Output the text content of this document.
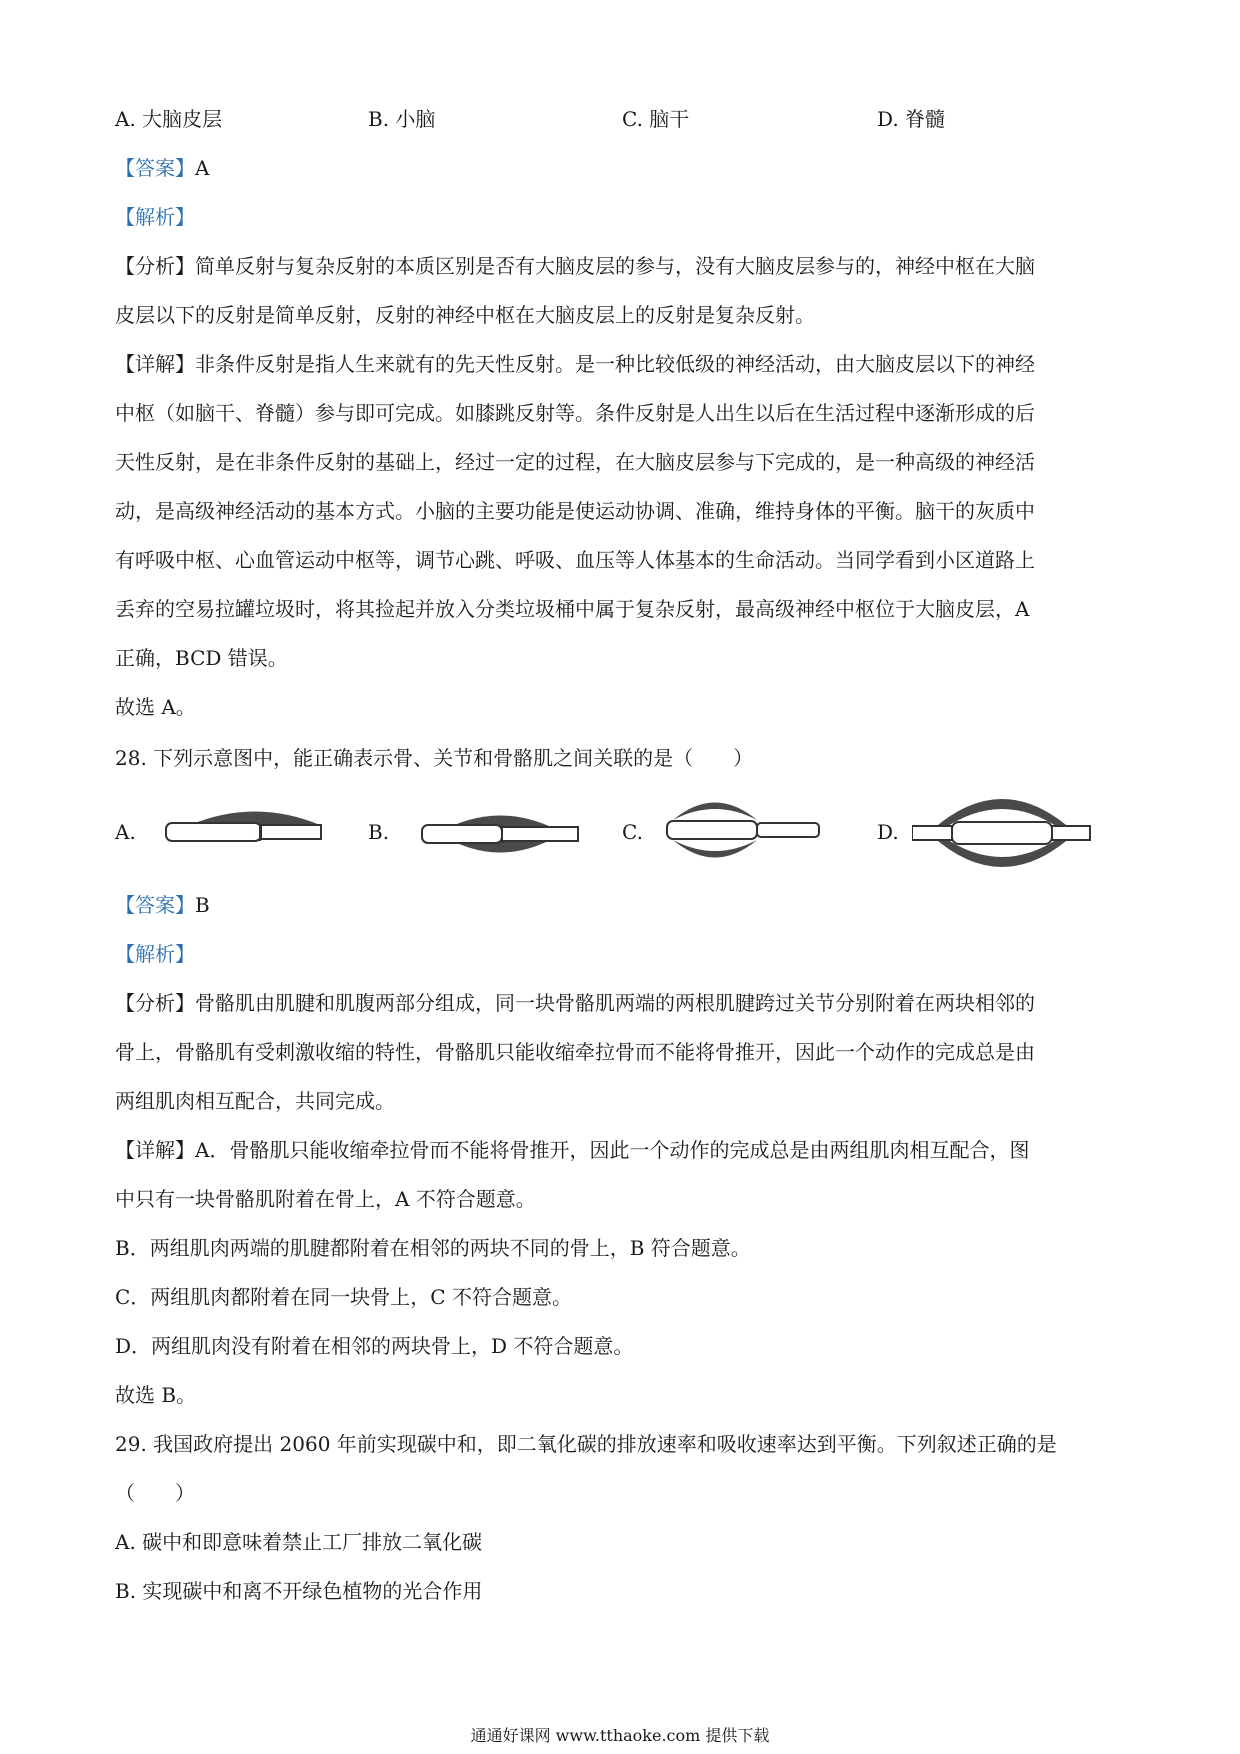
A. 大脑皮层	B. 小脑	C. 脑干	D. 脊髓
【答案】A
【解析】
【分析】简单反射与复杂反射的本质区别是否有大脑皮层的参与，没有大脑皮层参与的，神经中枢在大脑
皮层以下的反射是简单反射，反射的神经中枢在大脑皮层上的反射是复杂反射。
【详解】非条件反射是指人生来就有的先天性反射。是一种比较低级的神经活动，由大脑皮层以下的神经
中枢（如脑干、脊髓）参与即可完成。如膝跳反射等。条件反射是人出生以后在生活过程中逐渐形成的后
天性反射，是在非条件反射的基础上，经过一定的过程，在大脑皮层参与下完成的，是一种高级的神经活
动，是高级神经活动的基本方式。小脑的主要功能是使运动协调、准确，维持身体的平衡。脑干的灰质中
有呼吸中枢、心血管运动中枢等，调节心跳、呼吸、血压等人体基本的生命活动。当同学看到小区道路上
丢弃的空易拉罐垃圾时，将其捡起并放入分类垃圾桶中属于复杂反射，最高级神经中枢位于大脑皮层，A
正确，BCD 错误。
故选 A。
28. 下列示意图中，能正确表示骨、关节和骨骼肌之间关联的是（　　）
A.	B.	C.	D.
【答案】B
【解析】
【分析】骨骼肌由肌腱和肌腹两部分组成，同一块骨骼肌两端的两根肌腱跨过关节分别附着在两块相邻的
骨上，骨骼肌有受刺激收缩的特性，骨骼肌只能收缩牵拉骨而不能将骨推开，因此一个动作的完成总是由
两组肌肉相互配合，共同完成。
【详解】A．骨骼肌只能收缩牵拉骨而不能将骨推开，因此一个动作的完成总是由两组肌肉相互配合，图
中只有一块骨骼肌附着在骨上，A 不符合题意。
B．两组肌肉两端的肌腱都附着在相邻的两块不同的骨上，B 符合题意。
C．两组肌肉都附着在同一块骨上，C 不符合题意。
D．两组肌肉没有附着在相邻的两块骨上，D 不符合题意。
故选 B。
29. 我国政府提出 2060 年前实现碳中和，即二氧化碳的排放速率和吸收速率达到平衡。下列叙述正确的是
（　　）
A. 碳中和即意味着禁止工厂排放二氧化碳
B. 实现碳中和离不开绿色植物的光合作用
通通好课网 www.tthaoke.com 提供下载
